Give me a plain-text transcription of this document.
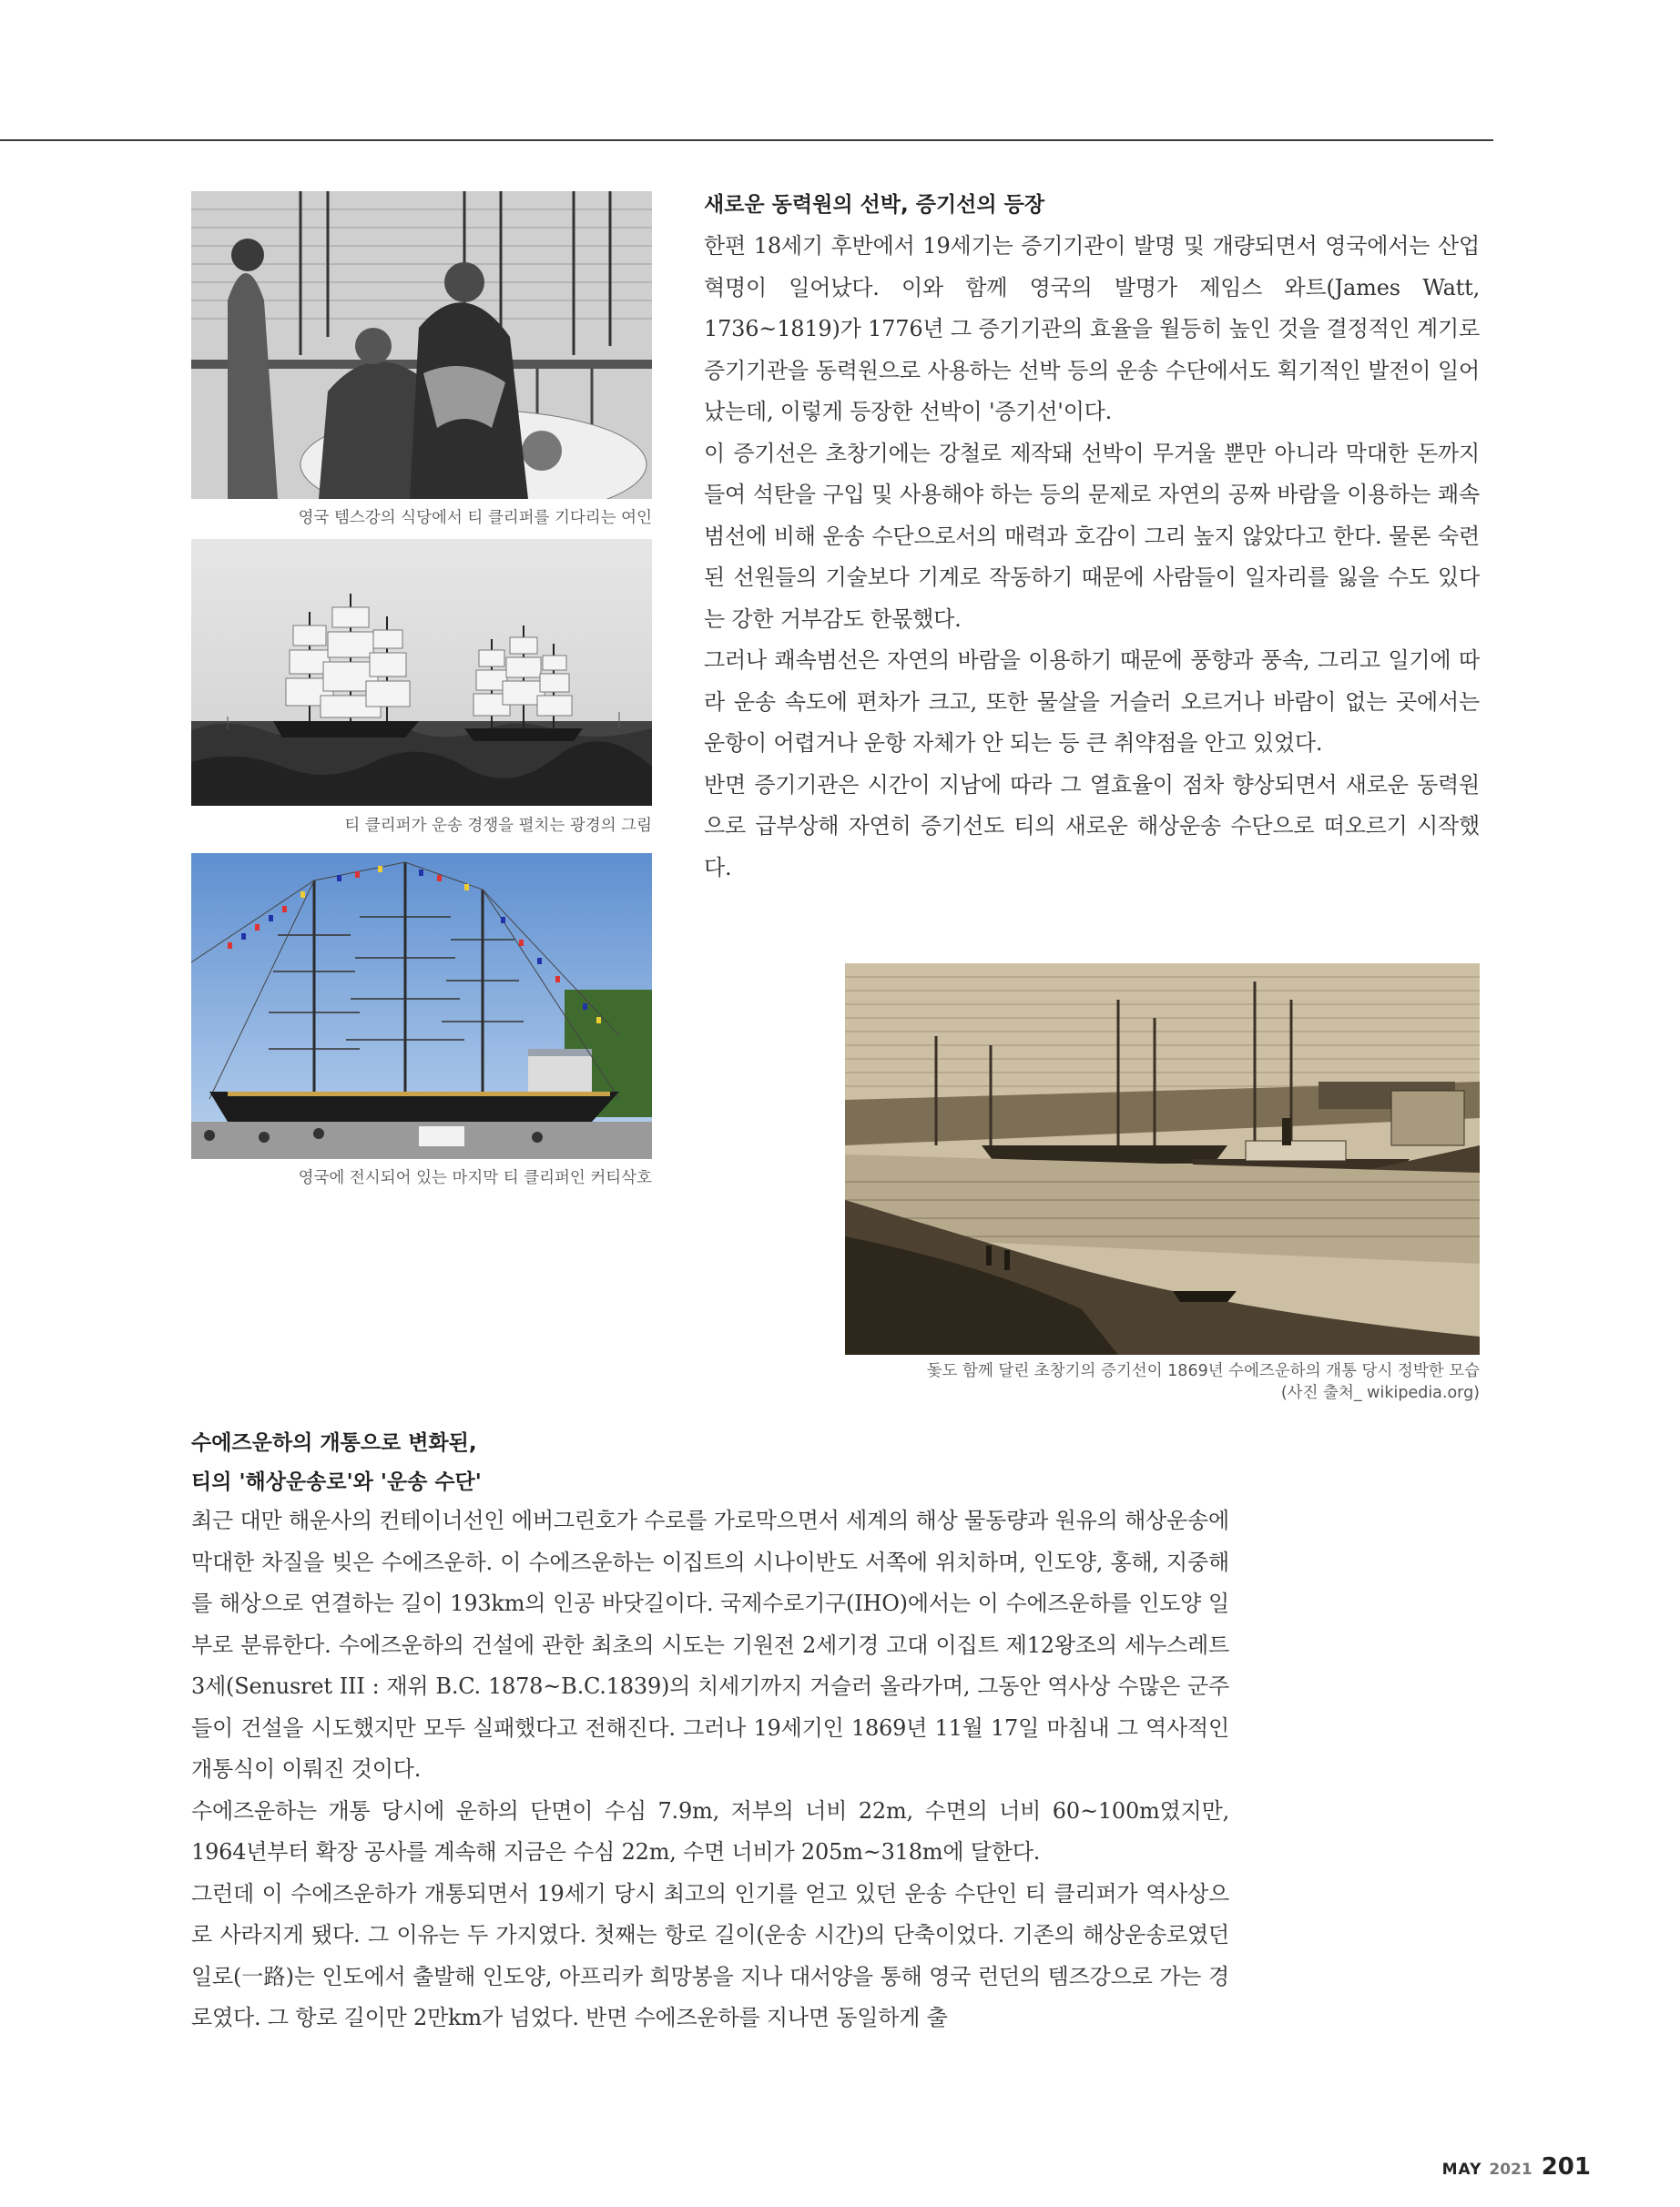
영국 템스강의 식당에서 티 클리퍼를 기다리는 여인
티 클리퍼가 운송 경쟁을 펼치는 광경의 그림
영국에 전시되어 있는 마지막 티 클리퍼인 커티삭호
새로운 동력원의 선박, 증기선의 등장

한편 18세기 후반에서 19세기는 증기기관이 발명 및 개량되면서 영국에서는 산업혁명이 일어났다. 이와 함께 영국의 발명가 제임스 와트(James Watt, 1736~1819)가 1776년 그 증기기관의 효율을 월등히 높인 것을 결정적인 계기로 증기기관을 동력원으로 사용하는 선박 등의 운송 수단에서도 획기적인 발전이 일어났는데, 이렇게 등장한 선박이 '증기선'이다.

이 증기선은 초창기에는 강철로 제작돼 선박이 무거울 뿐만 아니라 막대한 돈까지 들여 석탄을 구입 및 사용해야 하는 등의 문제로 자연의 공짜 바람을 이용하는 쾌속범선에 비해 운송 수단으로서의 매력과 호감이 그리 높지 않았다고 한다. 물론 숙련된 선원들의 기술보다 기계로 작동하기 때문에 사람들이 일자리를 잃을 수도 있다는 강한 거부감도 한몫했다.

그러나 쾌속범선은 자연의 바람을 이용하기 때문에 풍향과 풍속, 그리고 일기에 따라 운송 속도에 편차가 크고, 또한 물살을 거슬러 오르거나 바람이 없는 곳에서는 운항이 어렵거나 운항 자체가 안 되는 등 큰 취약점을 안고 있었다.

반면 증기기관은 시간이 지남에 따라 그 열효율이 점차 향상되면서 새로운 동력원으로 급부상해 자연히 증기선도 티의 새로운 해상운송 수단으로 떠오르기 시작했다.

돛도 함께 달린 초창기의 증기선이 1869년 수에즈운하의 개통 당시 정박한 모습
(사진 출처_ wikipedia.org)
수에즈운하의 개통으로 변화된,
티의 '해상운송로'와 '운송 수단'

최근 대만 해운사의 컨테이너선인 에버그린호가 수로를 가로막으면서 세계의 해상 물동량과 원유의 해상운송에 막대한 차질을 빚은 수에즈운하. 이 수에즈운하는 이집트의 시나이반도 서쪽에 위치하며, 인도양, 홍해, 지중해를 해상으로 연결하는 길이 193km의 인공 바닷길이다. 국제수로기구(IHO)에서는 이 수에즈운하를 인도양 일부로 분류한다. 수에즈운하의 건설에 관한 최초의 시도는 기원전 2세기경 고대 이집트 제12왕조의 세누스레트 3세(Senusret III : 재위 B.C. 1878~B.C.1839)의 치세기까지 거슬러 올라가며, 그동안 역사상 수많은 군주들이 건설을 시도했지만 모두 실패했다고 전해진다. 그러나 19세기인 1869년 11월 17일 마침내 그 역사적인 개통식이 이뤄진 것이다.

수에즈운하는 개통 당시에 운하의 단면이 수심 7.9m, 저부의 너비 22m, 수면의 너비 60~100m였지만, 1964년부터 확장 공사를 계속해 지금은 수심 22m, 수면 너비가 205m~318m에 달한다.

그런데 이 수에즈운하가 개통되면서 19세기 당시 최고의 인기를 얻고 있던 운송 수단인 티 클리퍼가 역사상으로 사라지게 됐다. 그 이유는 두 가지였다. 첫째는 항로 길이(운송 시간)의 단축이었다. 기존의 해상운송로였던 일로(一路)는 인도에서 출발해 인도양, 아프리카 희망봉을 지나 대서양을 통해 영국 런던의 템즈강으로 가는 경로였다. 그 항로 길이만 2만km가 넘었다. 반면 수에즈운하를 지나면 동일하게 출

MAY 2021 201
